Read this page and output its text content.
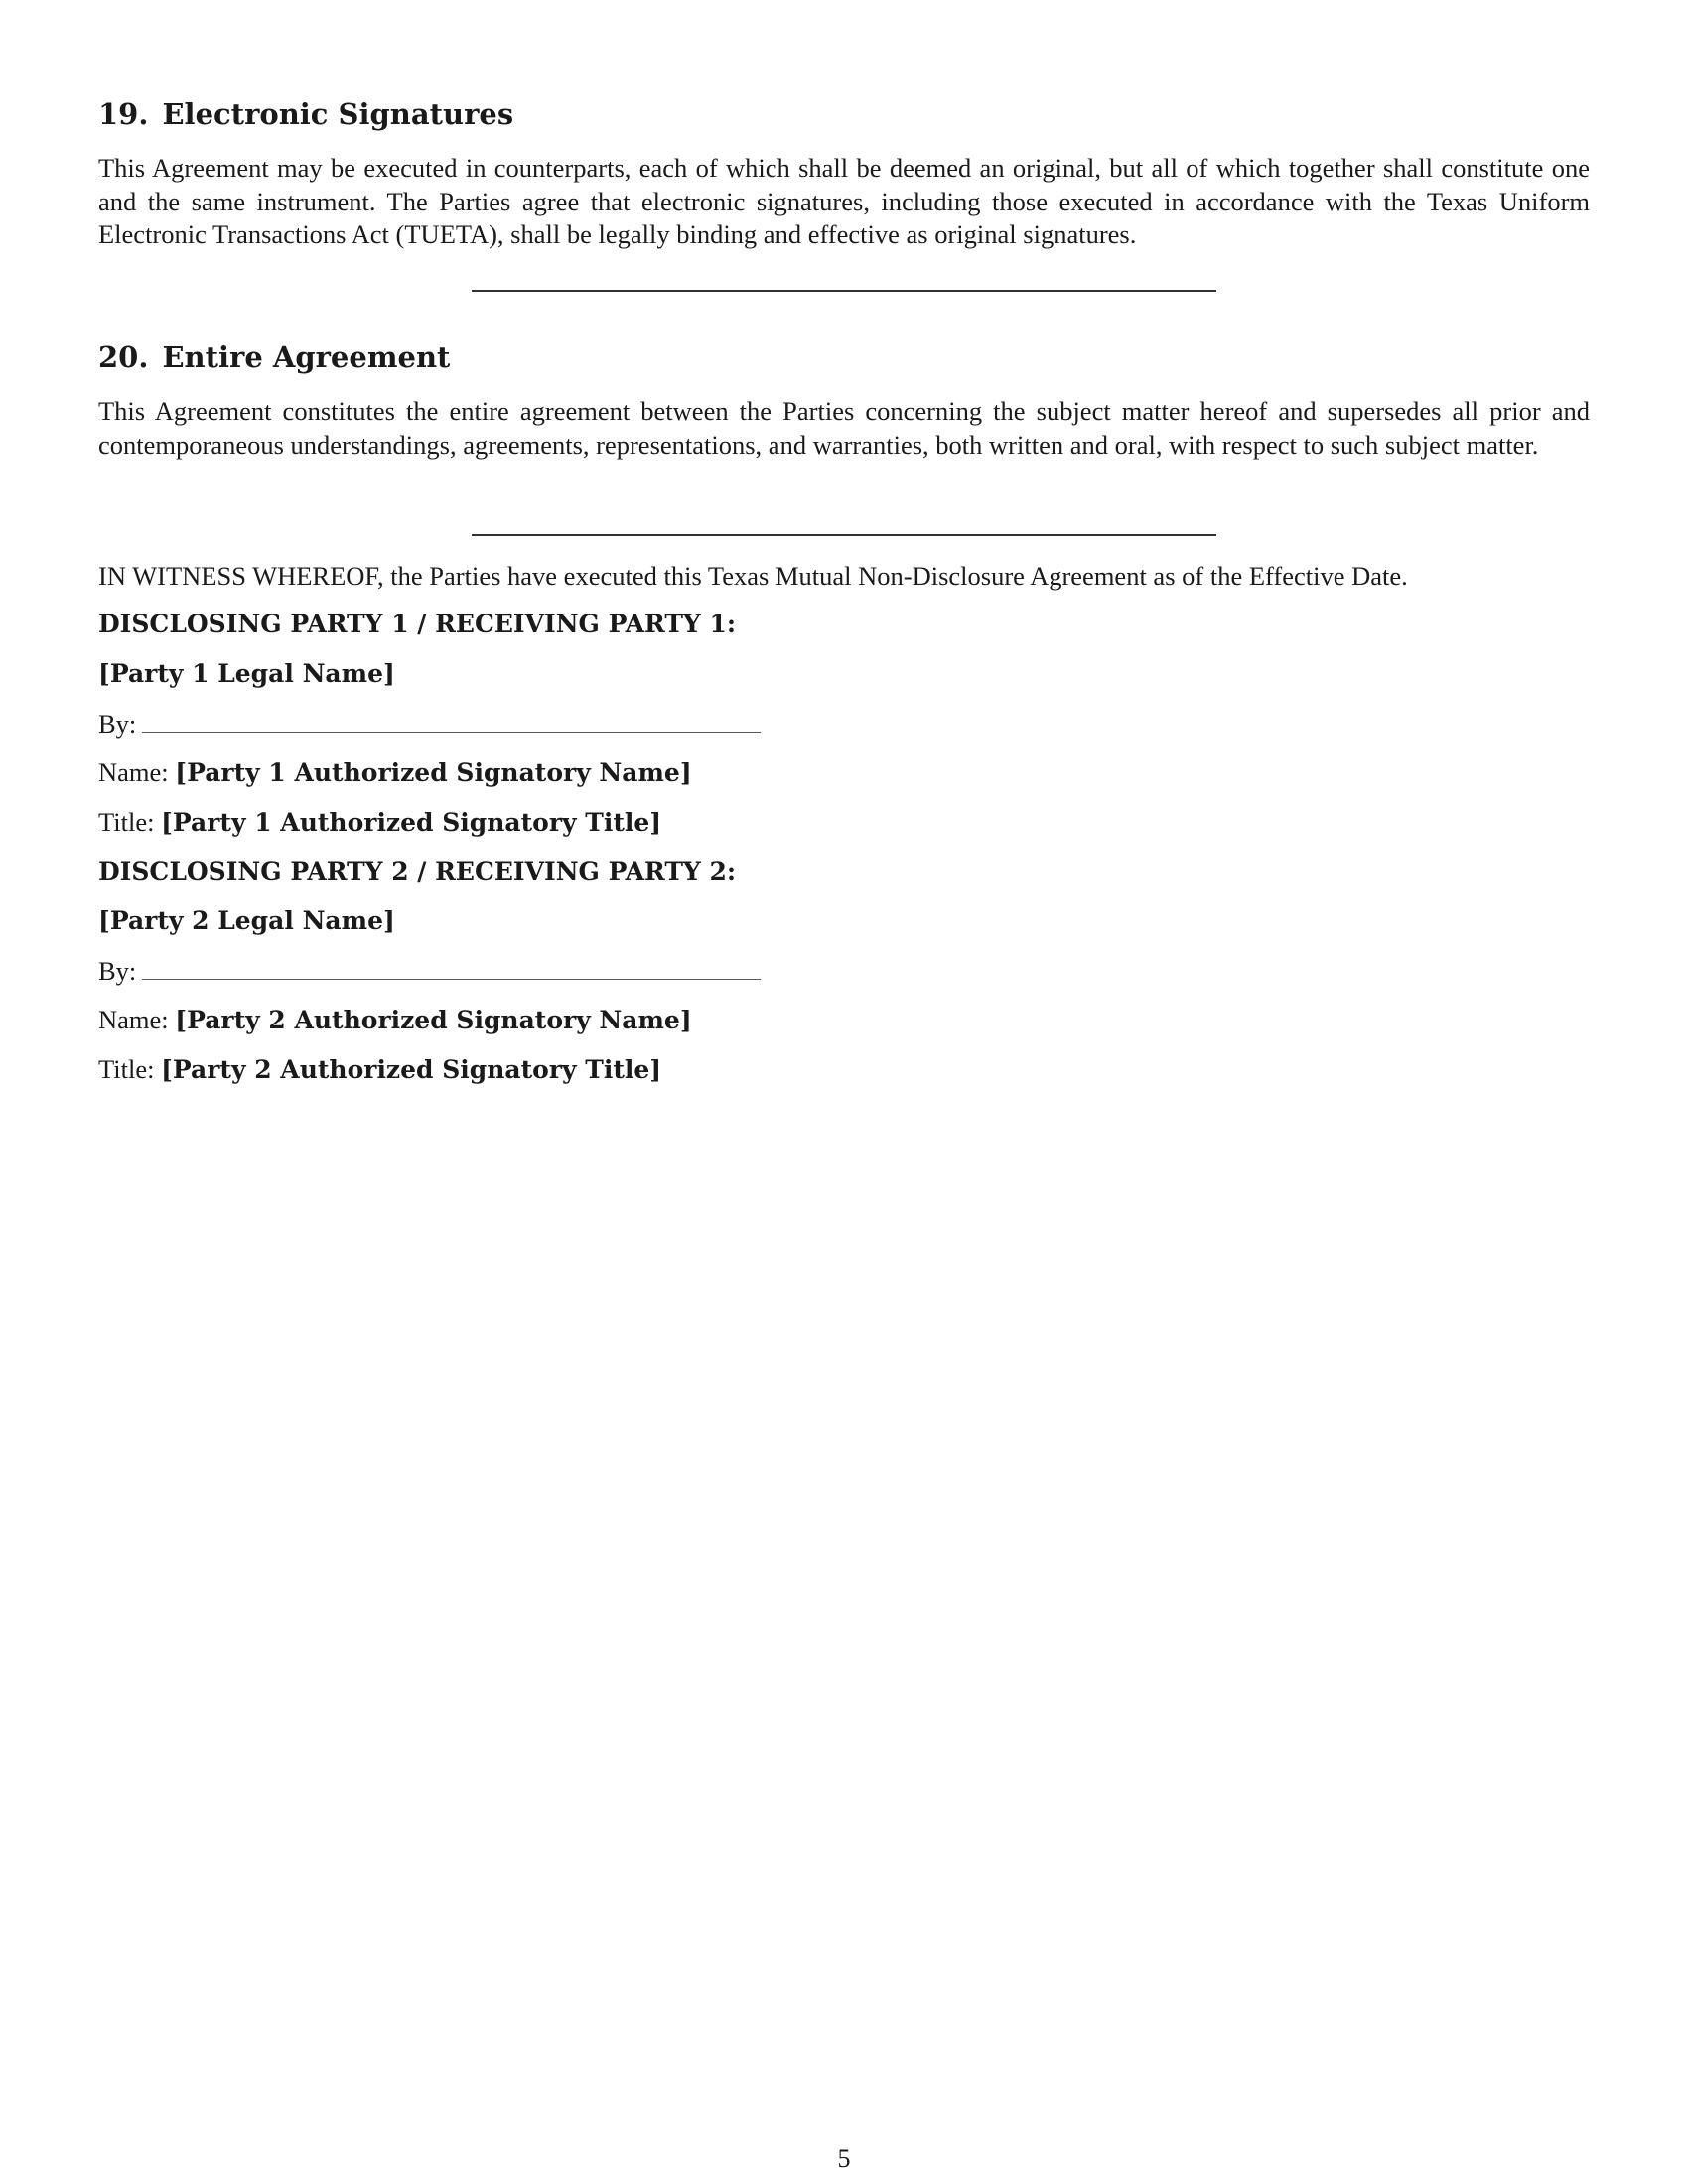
19. Electronic Signatures

This Agreement may be executed in counterparts, each of which shall be deemed an original, but all of which together shall constitute one and the same instrument. The Parties agree that electronic signatures, including those executed in accordance with the Texas Uniform Electronic Transactions Act (TUETA), shall be legally binding and effective as original signatures.

20. Entire Agreement

This Agreement constitutes the entire agreement between the Parties concerning the subject matter hereof and supersedes all prior and contemporaneous understandings, agreements, representations, and warranties, both written and oral, with respect to such subject matter.

IN WITNESS WHEREOF, the Parties have executed this Texas Mutual Non-Disclosure Agreement as of the Effective Date.

DISCLOSING PARTY 1 / RECEIVING PARTY 1:

[Party 1 Legal Name]

By:

Name: [Party 1 Authorized Signatory Name]

Title: [Party 1 Authorized Signatory Title]

DISCLOSING PARTY 2 / RECEIVING PARTY 2:

[Party 2 Legal Name]

By:

Name: [Party 2 Authorized Signatory Name]

Title: [Party 2 Authorized Signatory Title]

5
